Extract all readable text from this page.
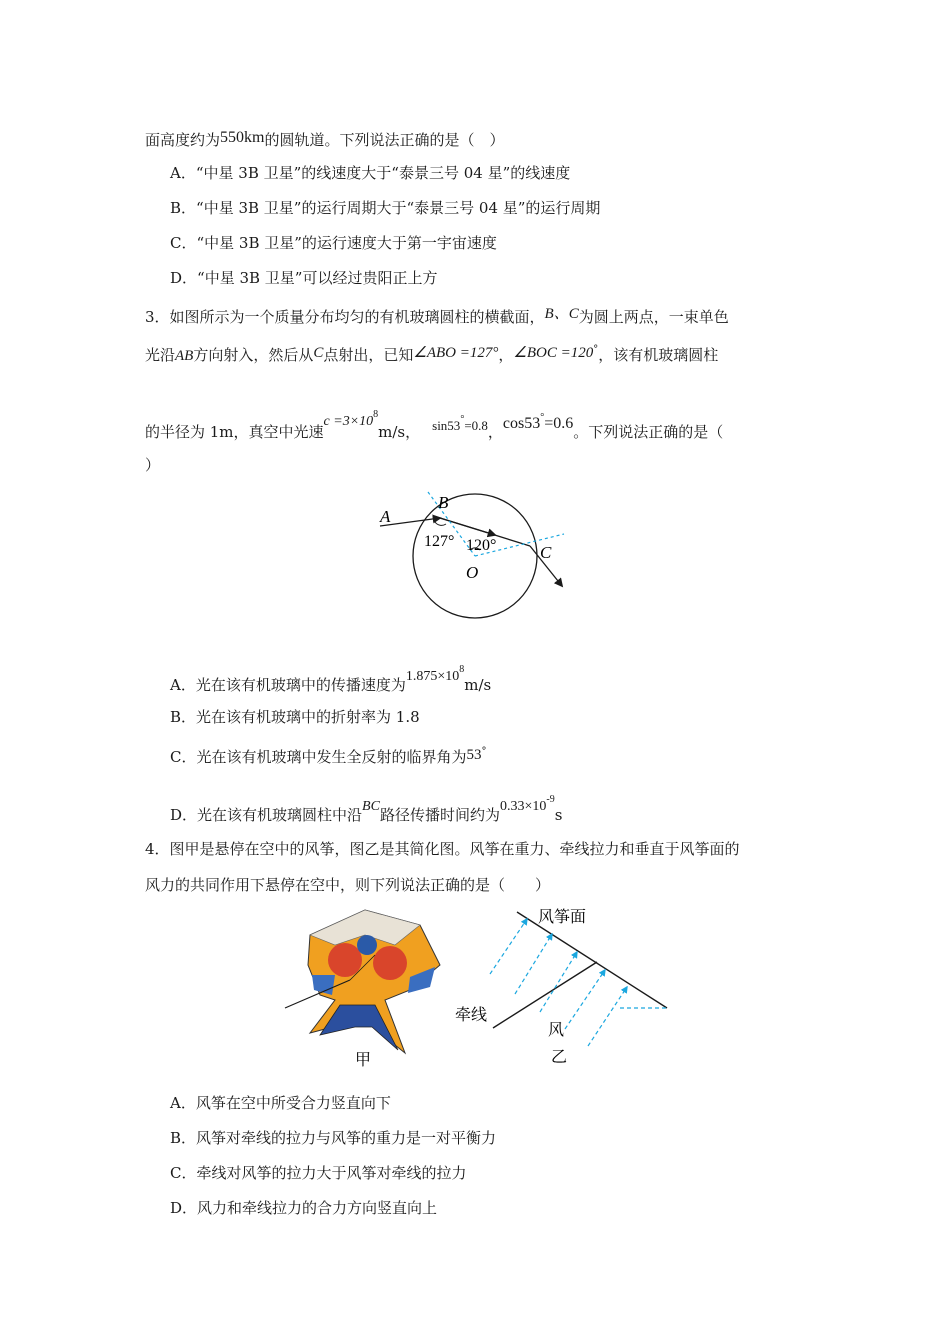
面高度约为550km的圆轨道。下列说法正确的是（　）
A．“中星 3B 卫星”的线速度大于“泰景三号 04 星”的线速度
B．“中星 3B 卫星”的运行周期大于“泰景三号 04 星”的运行周期
C．“中星 3B 卫星”的运行速度大于第一宇宙速度
D．“中星 3B 卫星”可以经过贵阳正上方
3．如图所示为一个质量分布均匀的有机玻璃圆柱的横截面，B、C为圆上两点，一束单色
光沿AB方向射入，然后从C点射出，已知∠ABO =127°，∠BOC =120°，该有机玻璃圆柱
的半径为 1m，真空中光速$c =3\times 10^8m/s$， sin53°=0.8，cos53°=0.6。下列说法正确的是（
）
A
B
C
O
127° 120°
A．光在该有机玻璃中的传播速度为$1.875\times 10^8m/s$
B．光在该有机玻璃中的折射率为 1.8
C．光在该有机玻璃中发生全反射的临界角为53°
D．光在该有机玻璃圆柱中沿BC路径传播时间约为$0.33\times 10^{-9}s$
4．图甲是悬停在空中的风筝，图乙是其简化图。风筝在重力、牵线拉力和垂直于风筝面的
风力的共同作用下悬停在空中，则下列说法正确的是（　　）
甲
风筝面
牵线
风
乙
A．风筝在空中所受合力竖直向下
B．风筝对牵线的拉力与风筝的重力是一对平衡力
C．牵线对风筝的拉力大于风筝对牵线的拉力
D．风力和牵线拉力的合力方向竖直向上
